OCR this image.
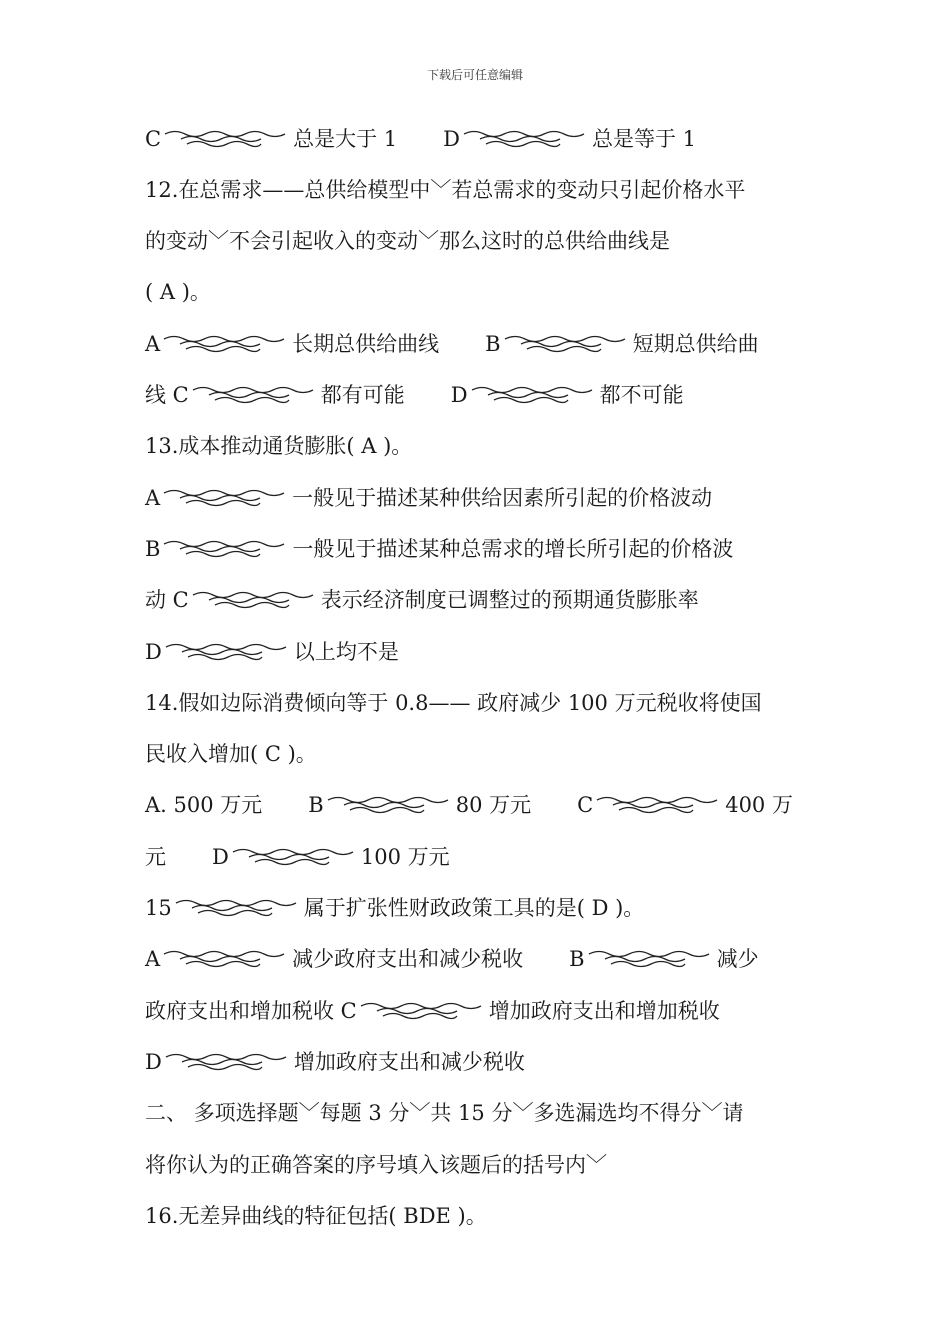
下载后可任意编辑
C	总是大于 1 D	总是等于 1
12.在总需求——总供给模型中﹀若总需求的变动只引起价格水平
的变动﹀不会引起收入的变动﹀那么这时的总供给曲线是
( A )。
A	长期总供给曲线 B	短期总供给曲
线 C	都有可能 D	都不可能
13.成本推动通货膨胀( A )。
A	一般见于描述某种供给因素所引起的价格波动
B	一般见于描述某种总需求的增长所引起的价格波
动 C	表示经济制度已调整过的预期通货膨胀率
D	以上均不是
14.假如边际消费倾向等于 0.8—— 政府减少 100 万元税收将使国
民收入增加( C )。
A. 500 万元 B	80 万元 C	400 万
元 D	100 万元
15	属于扩张性财政政策工具的是( D )。
A	减少政府支出和减少税收 B	减少
政府支出和增加税收 C	增加政府支出和增加税收
D	增加政府支出和减少税收
二、 多项选择题﹀每题 3 分﹀共 15 分﹀多选漏选均不得分﹀请
将你认为的正确答案的序号填入该题后的括号内﹀
16.无差异曲线的特征包括( BDE )。
